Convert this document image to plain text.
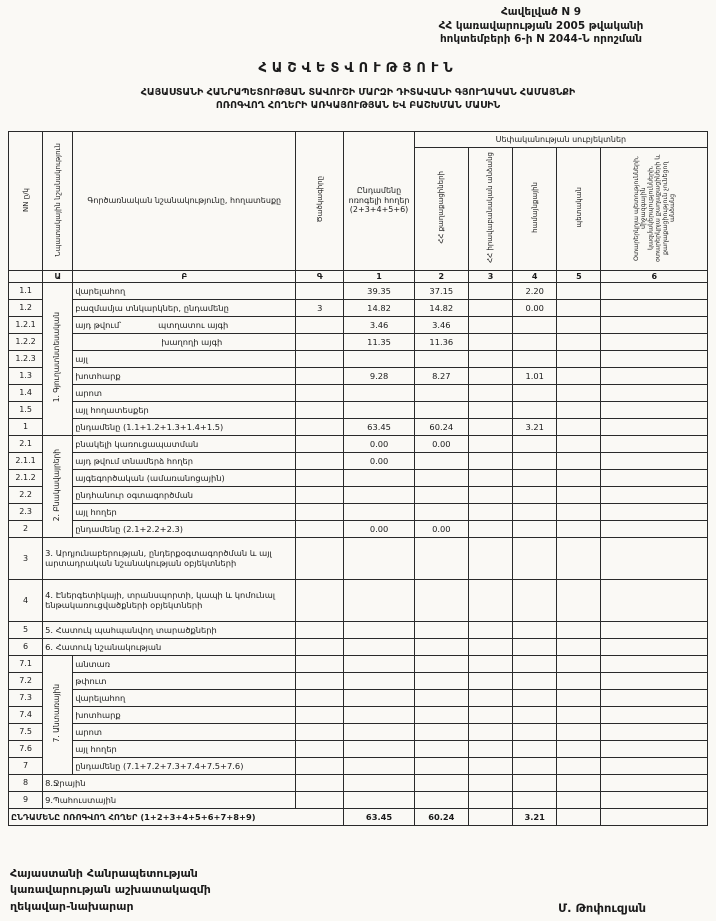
Հավելված N 9
ՀՀ կառավարության 2005 թվականի
հոկտեմբերի 6-ի N 2044-Ն որոշման
ՀԱՇՎԵՏՎՈՒԹՅՈՒՆ
ՀԱՅԱՍՏԱՆԻ ՀԱՆՐԱՊԵՏՈՒԹՅԱՆ ՏԱՎՈՒՇԻ ՄԱՐԶԻ ԴԻՏԱՎԱՆԻ ԳՅՈՒՂԱԿԱՆ ՀԱՄԱՅՆՔԻ
ՈՌՈԳՎՈՂ ՀՈՂԵՐԻ ԱՌԿԱՅՈՒԹՅԱՆ ԵՎ ԲԱՇԽՄԱՆ ՄԱՍԻՆ
NN ը/կ	Նպատակային նշանակություն	Գործառնական նշանակությունը, հողատեսքը	Ծածկագիրը	Ընդամենը ոռոգելի հողեր (2+3+4+5+6)	Սեփականության սուբյեկտներ				
					ՀՀ քաղաքացիների	ՀՀ իրավաբանական անձանց	համայնքային	պետական	Օտարերկրյա պետությունների, միջազգային կազմակերպությունների, օտարերկրյա քաղաքացիների և քաղաքացիություն չունեցող անձանց
	Ա	Բ	Գ	1	2	3	4	5	6
1.1	1. Գյուղատնտեսական	վարելահող		39.35	37.15		2.20		
1.2		բազմամյա տնկարկներ, ընդամենը	3	14.82	14.82		0.00		
1.2.1		այդ թվում՝              պտղատու այգի		3.46	3.46				
1.2.2		խաղողի այգի		11.35	11.36				
1.2.3		այլ							
1.3		խոտհարք		9.28	8.27		1.01		
1.4		արոտ							
1.5		այլ հողատեսքեր							
1		ընդամենը (1.1+1.2+1.3+1.4+1.5)		63.45	60.24		3.21		
2.1	2. Բնակավայրերի	բնակելի կառուցապատման		0.00	0.00				
2.1.1		այդ թվում տնամերձ հողեր		0.00					
2.1.2		այգեգործական (ամառանոցային)							
2.2		ընդհանուր օգտագործման							
2.3		այլ հողեր							
2		ընդամենը (2.1+2.2+2.3)		0.00	0.00				
3	3. Արդյունաբերության, ընդերքօգտագործման և այլ արտադրական նշանակության օբյեկտների								
4	4. Էներգետիկայի, տրանսպորտի, կապի և կոմունալ ենթակառուցվածքների օբյեկտների								
5	5. Հատուկ պահպանվող տարածքների								
6	6. Հատուկ նշանակության								
7.1	7. Անտառային	անտառ							
7.2		թփուտ							
7.3		վարելահող							
7.4		խոտհարք							
7.5		արոտ							
7.6		այլ հողեր							
7		ընդամենը (7.1+7.2+7.3+7.4+7.5+7.6)							
8	8.Ջրային								
9	9.Պահուստային								
ԸՆԴԱՄԵՆԸ ՈՌՈԳՎՈՂ ՀՈՂԵՐ (1+2+3+4+5+6+7+8+9)				63.45	60.24		3.21		
Հայաստանի Հանրապետության
կառավարության աշխատակազմի
ղեկավար-նախարար	Մ. Թոփուզյան
